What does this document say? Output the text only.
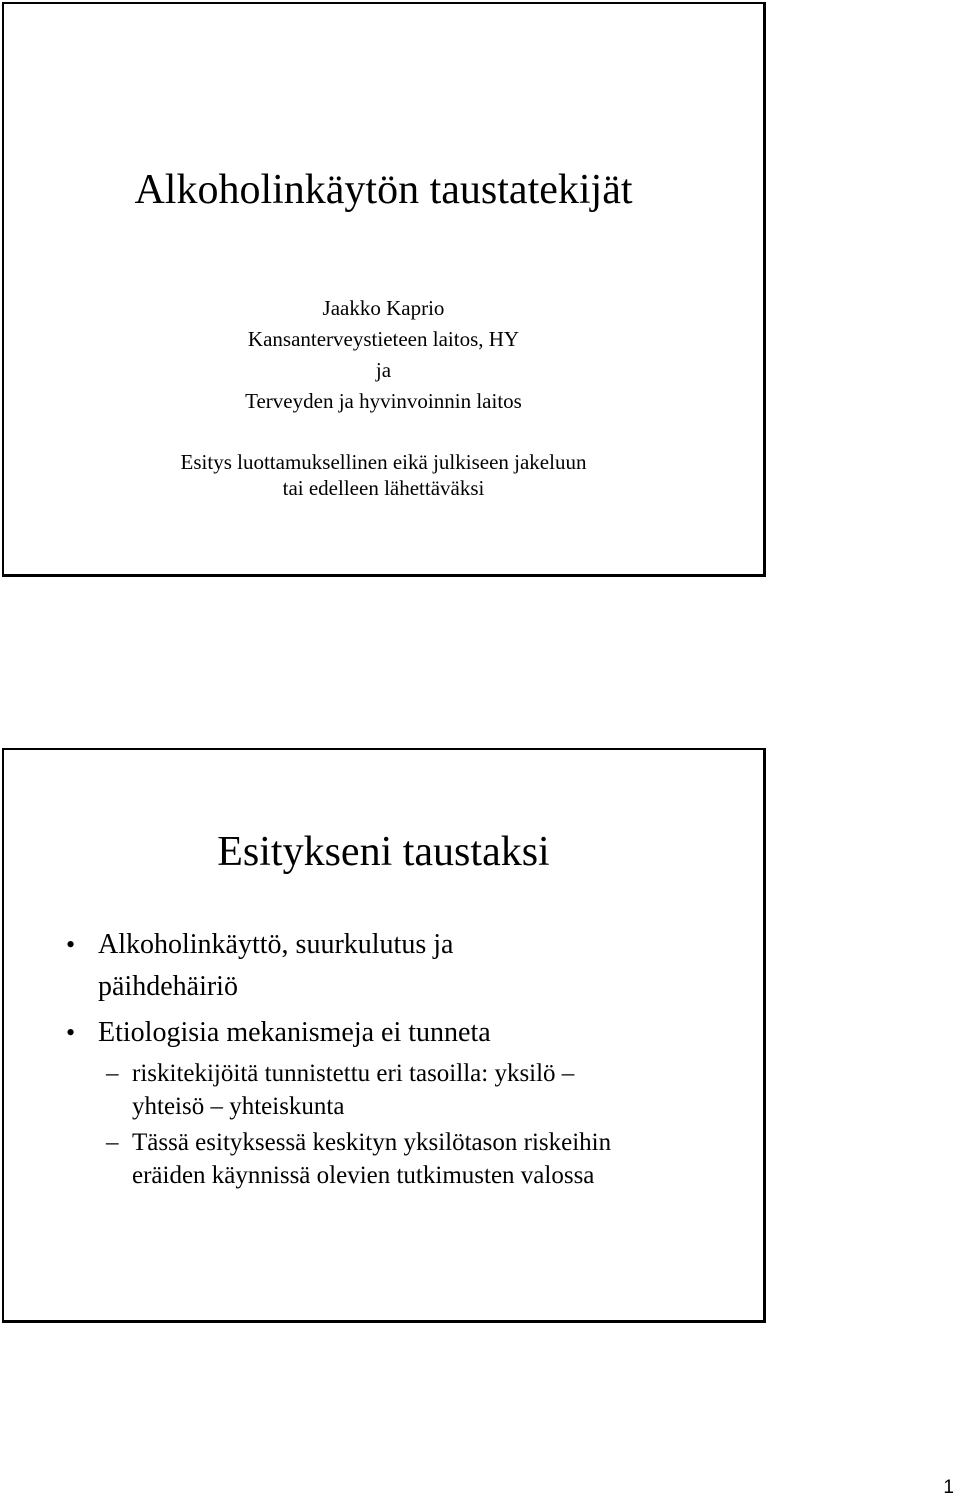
Alkoholinkäytön taustatekijät
Jaakko Kaprio
Kansanterveystieteen laitos, HY
ja
Terveyden ja hyvinvoinnin laitos
Esitys luottamuksellinen eikä julkiseen jakeluun
tai edelleen lähettäväksi
Esitykseni taustaksi
• Alkoholinkäyttö, suurkulutus ja
päihdehäiriö
• Etiologisia mekanismeja ei tunneta
– riskitekijöitä tunnistettu eri tasoilla: yksilö –
yhteisö – yhteiskunta
– Tässä esityksessä keskityn yksilötason riskeihin
eräiden käynnissä olevien tutkimusten valossa
1
